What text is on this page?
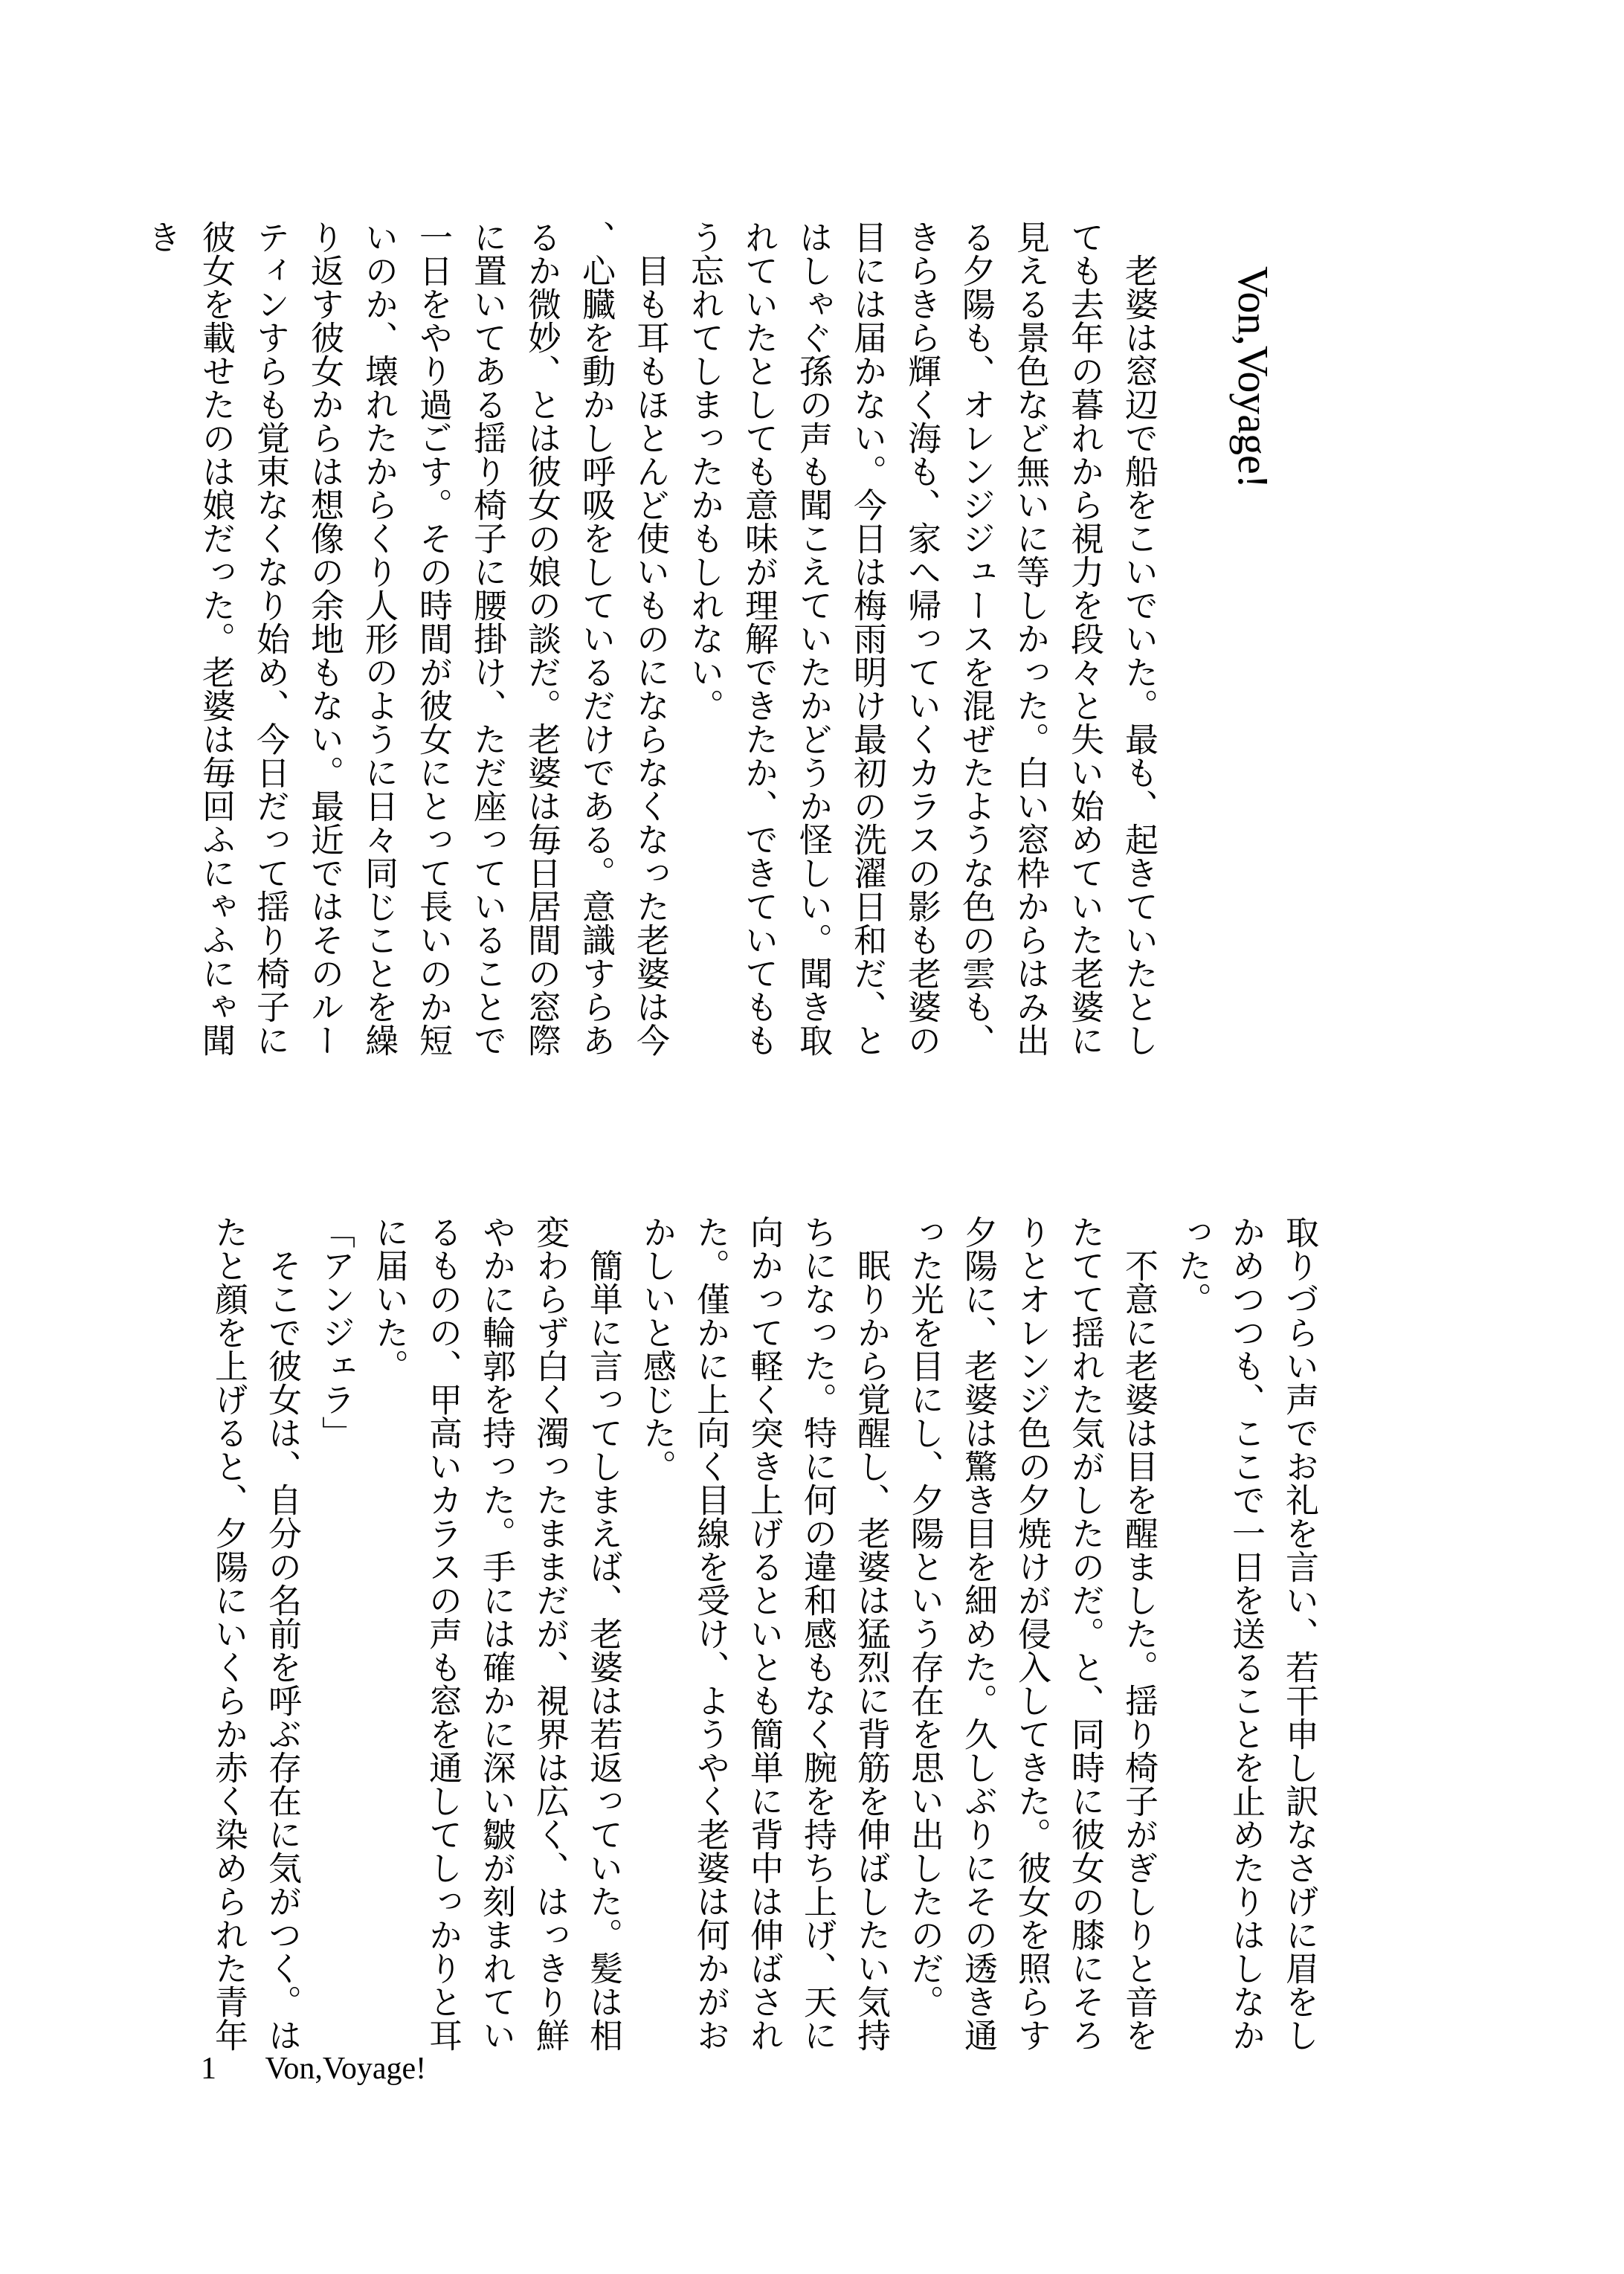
Von,Voyage!

老婆は窓辺で船をこいでいた。最も、起きていたとしても去年の暮れから視力を段々と失い始めていた老婆に見える景色など無いに等しかった。白い窓枠からはみ出る夕陽も、オレンジジュースを混ぜたような色の雲も、きらきら輝く海も、家へ帰っていくカラスの影も老婆の目には届かない。今日は梅雨明け最初の洗濯日和だ、とはしゃぐ孫の声も聞こえていたかどうか怪しい。聞き取れていたとしても意味が理解できたか、できていてももう忘れてしまったかもしれない。

目も耳もほとんど使いものにならなくなった老婆は今、心臓を動かし呼吸をしているだけである。意識すらあるか微妙、とは彼女の娘の談だ。老婆は毎日居間の窓際に置いてある揺り椅子に腰掛け、ただ座っていることで一日をやり過ごす。その時間が彼女にとって長いのか短いのか、壊れたからくり人形のように日々同じことを繰り返す彼女からは想像の余地もない。最近ではそのルーティンすらも覚束なくなり始め、今日だって揺り椅子に彼女を載せたのは娘だった。老婆は毎回ふにゃふにゃ聞き

取りづらい声でお礼を言い、若干申し訳なさげに眉をしかめつつも、ここで一日を送ることを止めたりはしなかった。

不意に老婆は目を醒ました。揺り椅子がぎしりと音をたてて揺れた気がしたのだ。と、同時に彼女の膝にそろりとオレンジ色の夕焼けが侵入してきた。彼女を照らす夕陽に、老婆は驚き目を細めた。久しぶりにその透き通った光を目にし、夕陽という存在を思い出したのだ。

眠りから覚醒し、老婆は猛烈に背筋を伸ばしたい気持ちになった。特に何の違和感もなく腕を持ち上げ、天に向かって軽く突き上げるといとも簡単に背中は伸ばされた。僅かに上向く目線を受け、ようやく老婆は何かがおかしいと感じた。

簡単に言ってしまえば、老婆は若返っていた。髪は相変わらず白く濁ったままだが、視界は広く、はっきり鮮やかに輪郭を持った。手には確かに深い皺が刻まれているものの、甲高いカラスの声も窓を通してしっかりと耳に届いた。

「アンジェラ」

そこで彼女は、自分の名前を呼ぶ存在に気がつく。はたと顔を上げると、夕陽にいくらか赤く染められた青年

1 Von,Voyage!
